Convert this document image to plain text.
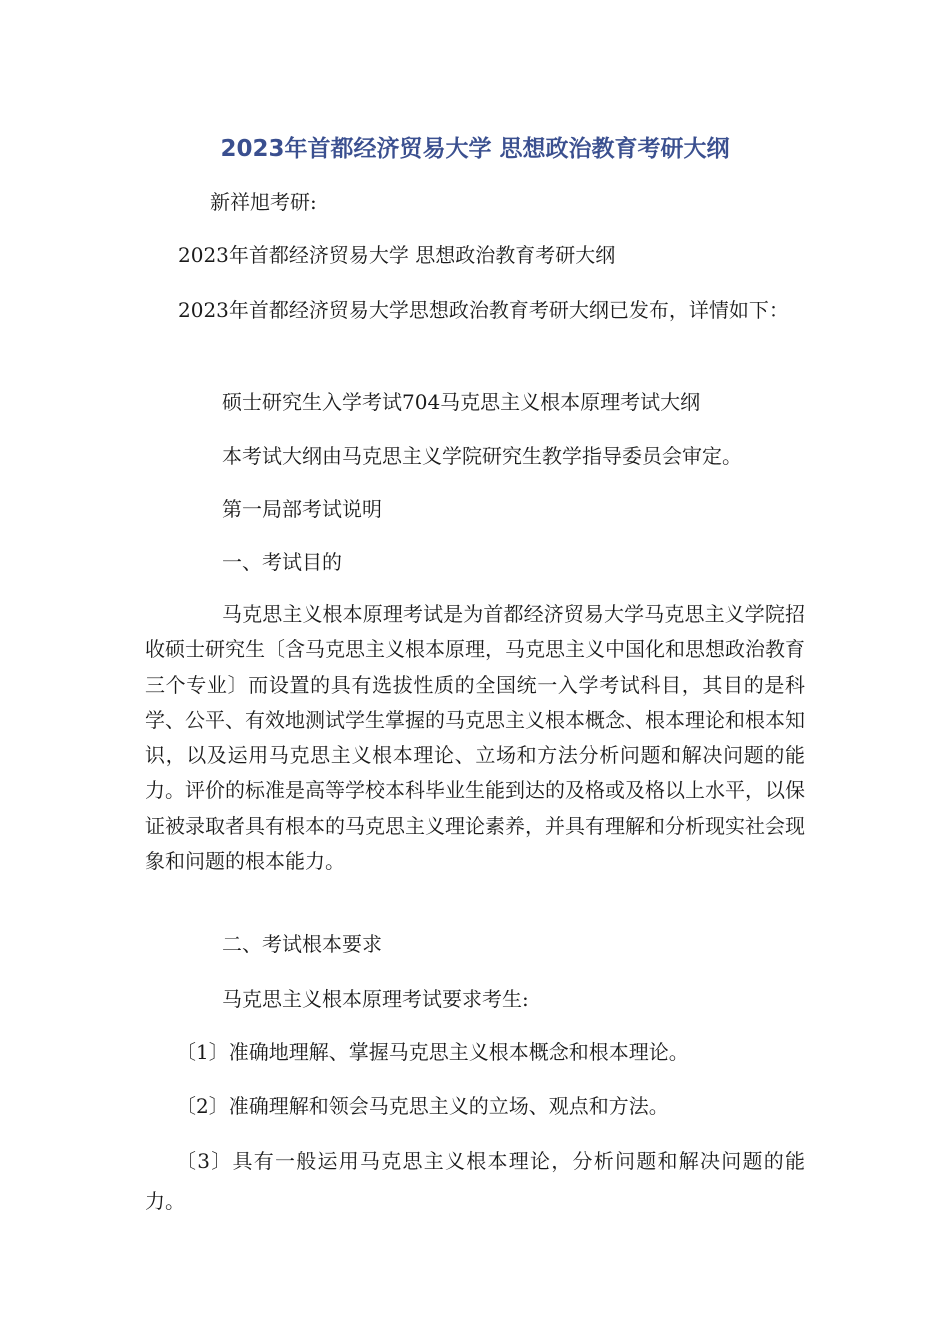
2023年首都经济贸易大学 思想政治教育考研大纲

新祥旭考研:

2023年首都经济贸易大学 思想政治教育考研大纲

2023年首都经济贸易大学思想政治教育考研大纲已发布，详情如下：

硕士研究生入学考试704马克思主义根本原理考试大纲

本考试大纲由马克思主义学院研究生教学指导委员会审定。

第一局部考试说明

一、考试目的

马克思主义根本原理考试是为首都经济贸易大学马克思主义学院招收硕士研究生〔含马克思主义根本原理，马克思主义中国化和思想政治教育三个专业〕而设置的具有选拔性质的全国统一入学考试科目，其目的是科学、公平、有效地测试学生掌握的马克思主义根本概念、根本理论和根本知识，以及运用马克思主义根本理论、立场和方法分析问题和解决问题的能力。评价的标准是高等学校本科毕业生能到达的及格或及格以上水平，以保证被录取者具有根本的马克思主义理论素养，并具有理解和分析现实社会现象和问题的根本能力。

二、考试根本要求

马克思主义根本原理考试要求考生:

〔1〕准确地理解、掌握马克思主义根本概念和根本理论。

〔2〕准确理解和领会马克思主义的立场、观点和方法。

〔3〕具有一般运用马克思主义根本理论，分析问题和解决问题的能力。
